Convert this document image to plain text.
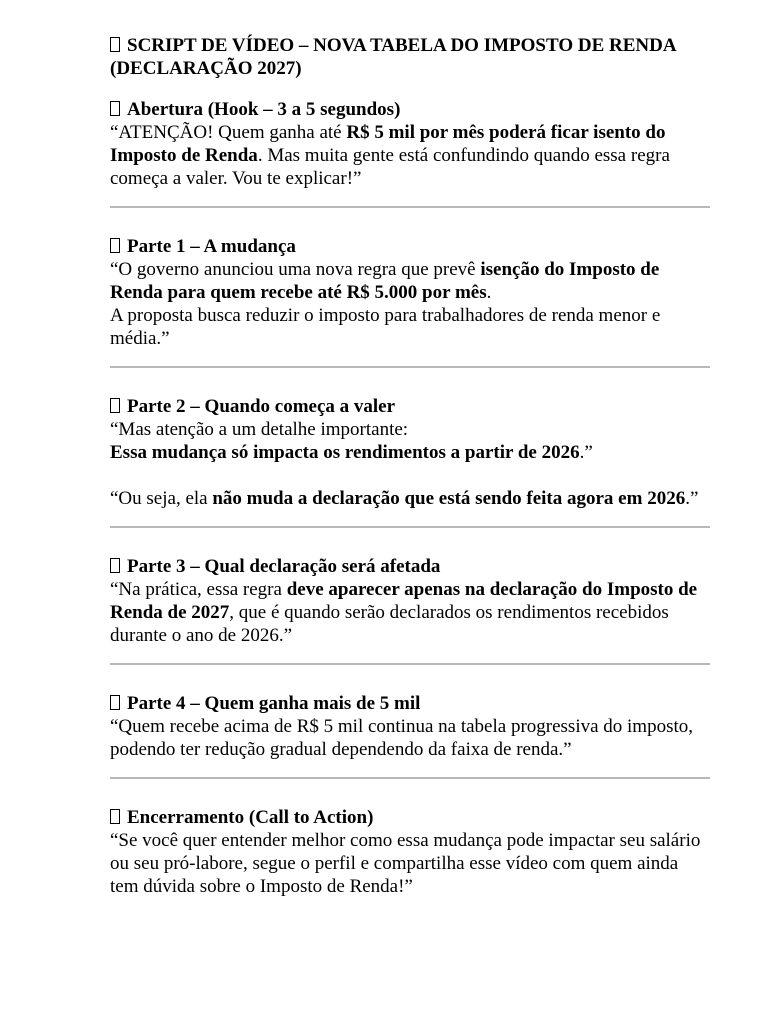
SCRIPT DE VÍDEO – NOVA TABELA DO IMPOSTO DE RENDA (DECLARAÇÃO 2027)

Abertura (Hook – 3 a 5 segundos)

“ATENÇÃO! Quem ganha até R$ 5 mil por mês poderá ficar isento do Imposto de Renda. Mas muita gente está confundindo quando essa regra começa a valer. Vou te explicar!”

Parte 1 – A mudança

“O governo anunciou uma nova regra que prevê isenção do Imposto de Renda para quem recebe até R$ 5.000 por mês.

A proposta busca reduzir o imposto para trabalhadores de renda menor e média.”

Parte 2 – Quando começa a valer

“Mas atenção a um detalhe importante:

Essa mudança só impacta os rendimentos a partir de 2026.”

“Ou seja, ela não muda a declaração que está sendo feita agora em 2026.”

Parte 3 – Qual declaração será afetada

“Na prática, essa regra deve aparecer apenas na declaração do Imposto de Renda de 2027, que é quando serão declarados os rendimentos recebidos durante o ano de 2026.”

Parte 4 – Quem ganha mais de 5 mil

“Quem recebe acima de R$ 5 mil continua na tabela progressiva do imposto, podendo ter redução gradual dependendo da faixa de renda.”

Encerramento (Call to Action)

“Se você quer entender melhor como essa mudança pode impactar seu salário ou seu pró-labore, segue o perfil e compartilha esse vídeo com quem ainda tem dúvida sobre o Imposto de Renda!”
